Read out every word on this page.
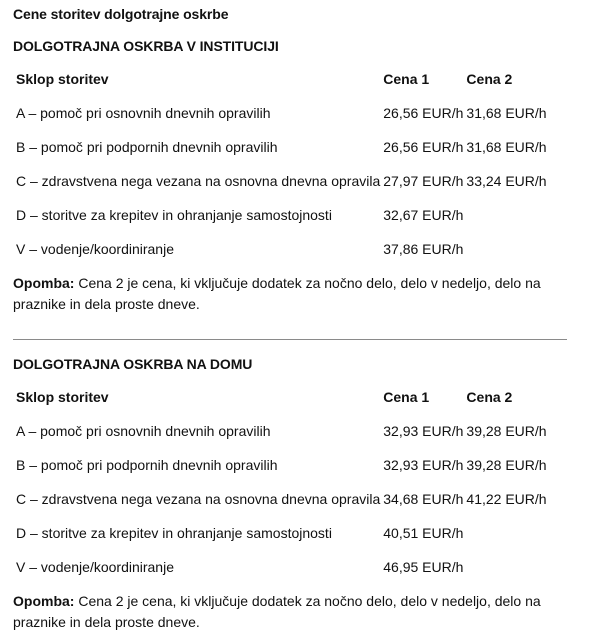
Cene storitev dolgotrajne oskrbe
DOLGOTRAJNA OSKRBA V INSTITUCIJI
Sklop storitev	Cena 1	Cena 2
A – pomoč pri osnovnih dnevnih opravilih	26,56 EUR/h	31,68 EUR/h
B – pomoč pri podpornih dnevnih opravilih	26,56 EUR/h	31,68 EUR/h
C – zdravstvena nega vezana na osnovna dnevna opravila	27,97 EUR/h	33,24 EUR/h
D – storitve za krepitev in ohranjanje samostojnosti	32,67 EUR/h	
V – vodenje/koordiniranje	37,86 EUR/h	
Opomba: Cena 2 je cena, ki vključuje dodatek za nočno delo, delo v nedeljo, delo na praznike in dela proste dneve.
DOLGOTRAJNA OSKRBA NA DOMU
Sklop storitev	Cena 1	Cena 2
A – pomoč pri osnovnih dnevnih opravilih	32,93 EUR/h	39,28 EUR/h
B – pomoč pri podpornih dnevnih opravilih	32,93 EUR/h	39,28 EUR/h
C – zdravstvena nega vezana na osnovna dnevna opravila	34,68 EUR/h	41,22 EUR/h
D – storitve za krepitev in ohranjanje samostojnosti	40,51 EUR/h	
V – vodenje/koordiniranje	46,95 EUR/h	
Opomba: Cena 2 je cena, ki vključuje dodatek za nočno delo, delo v nedeljo, delo na praznike in dela proste dneve.
